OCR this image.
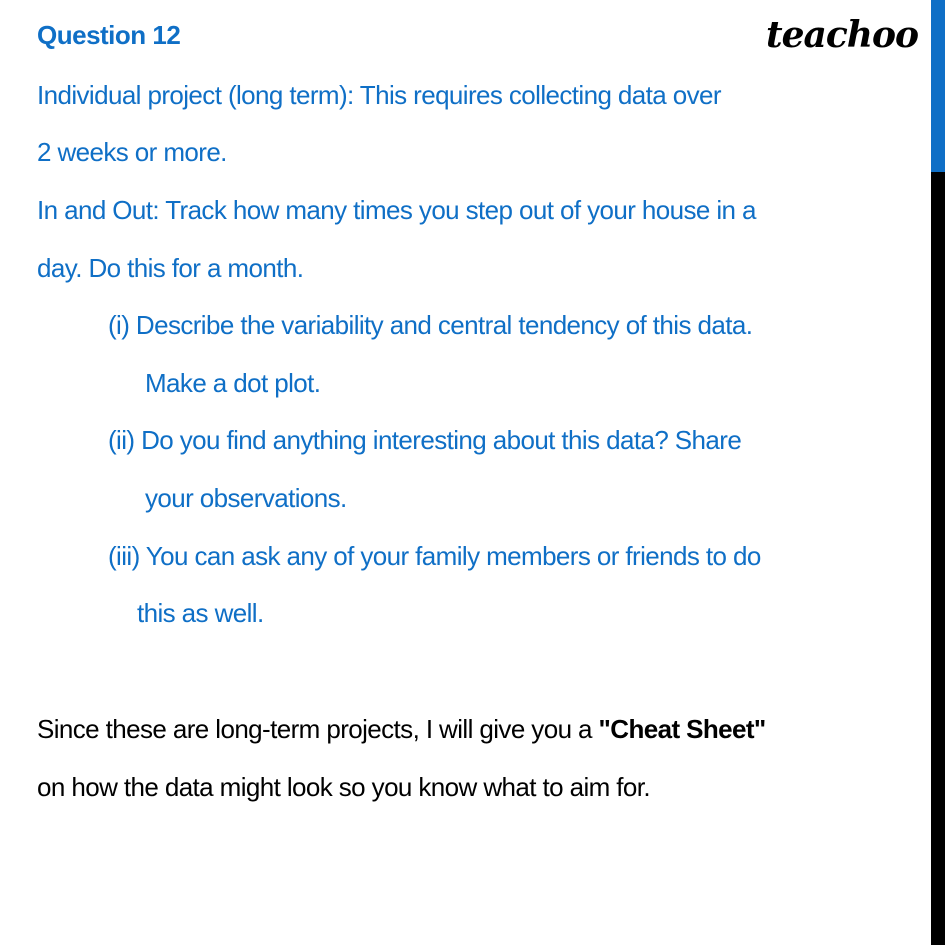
Question 12	teachoo
Individual project (long term): This requires collecting data over
2 weeks or more.
In and Out: Track how many times you step out of your house in a
day. Do this for a month.
(i) Describe the variability and central tendency of this data.
Make a dot plot.
(ii) Do you find anything interesting about this data? Share
your observations.
(iii) You can ask any of your family members or friends to do
this as well.
Since these are long-term projects, I will give you a "Cheat Sheet"
on how the data might look so you know what to aim for.
